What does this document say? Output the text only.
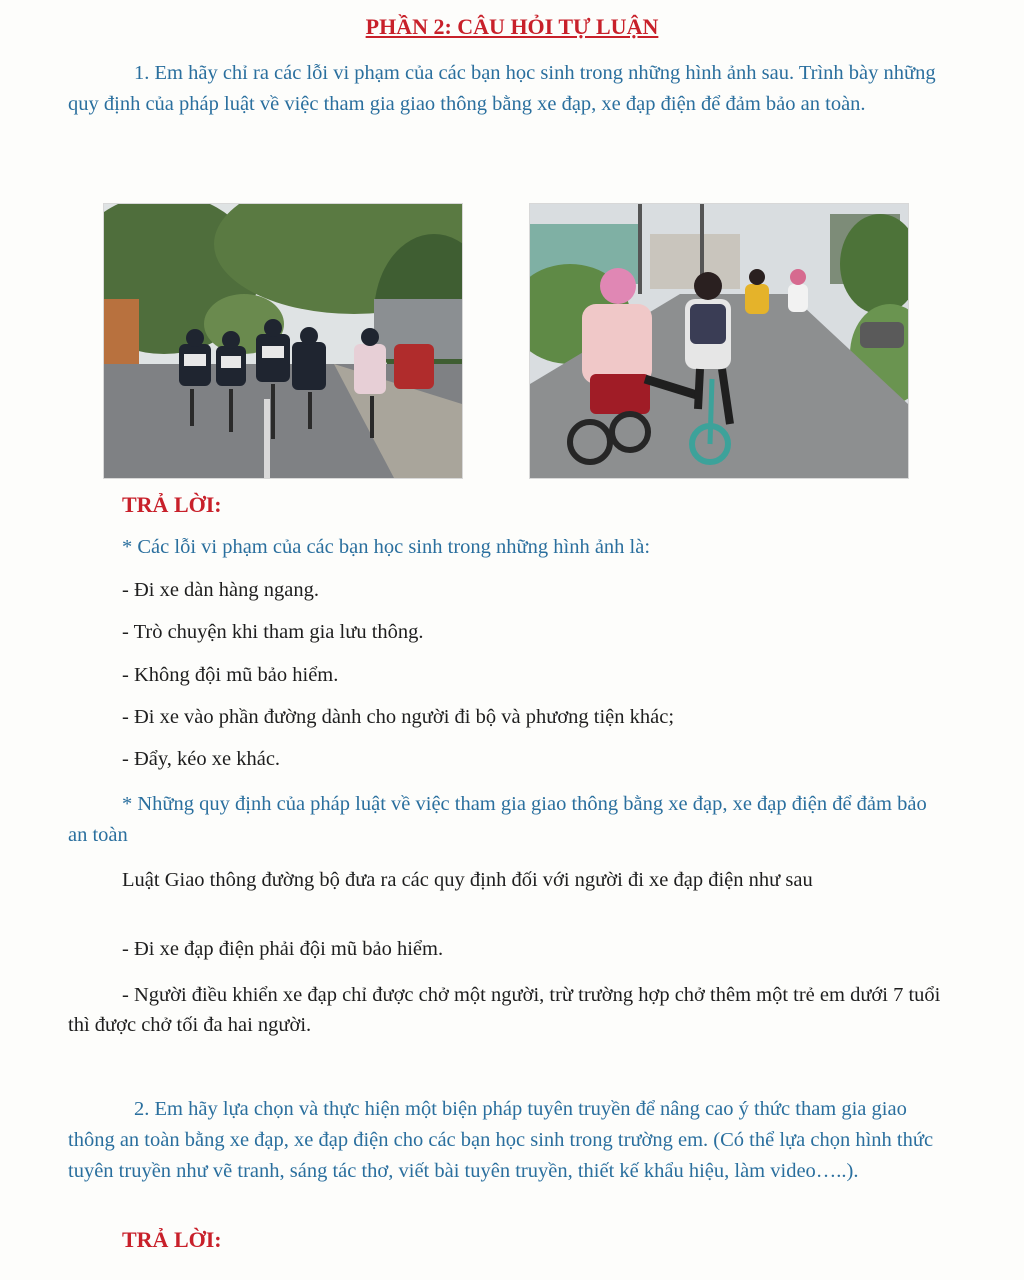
PHẦN 2: CÂU HỎI TỰ LUẬN
1. Em hãy chỉ ra các lỗi vi phạm của các bạn học sinh trong những hình ảnh sau. Trình bày những quy định của pháp luật về việc tham gia giao thông bằng xe đạp, xe đạp điện để đảm bảo an toàn.
TRẢ LỜI:
* Các lỗi vi phạm của các bạn học sinh trong những hình ảnh là:
- Đi xe dàn hàng ngang.
- Trò chuyện khi tham gia lưu thông.
- Không đội mũ bảo hiểm.
- Đi xe vào phần đường dành cho người đi bộ và phương tiện khác;
- Đẩy, kéo xe khác.
* Những quy định của pháp luật về việc tham gia giao thông bằng xe đạp, xe đạp điện để đảm bảo an toàn
Luật Giao thông đường bộ đưa ra các quy định đối với người đi xe đạp điện như sau
- Đi xe đạp điện phải đội mũ bảo hiểm.
- Người điều khiển xe đạp chỉ được chở một người, trừ trường hợp chở thêm một trẻ em dưới 7 tuổi thì được chở tối đa hai người.
2. Em hãy lựa chọn và thực hiện một biện pháp tuyên truyền để nâng cao ý thức tham gia giao thông an toàn bằng xe đạp, xe đạp điện cho các bạn học sinh trong trường em. (Có thể lựa chọn hình thức tuyên truyền như vẽ tranh, sáng tác thơ, viết bài tuyên truyền, thiết kế khẩu hiệu, làm video…..).
TRẢ LỜI:
